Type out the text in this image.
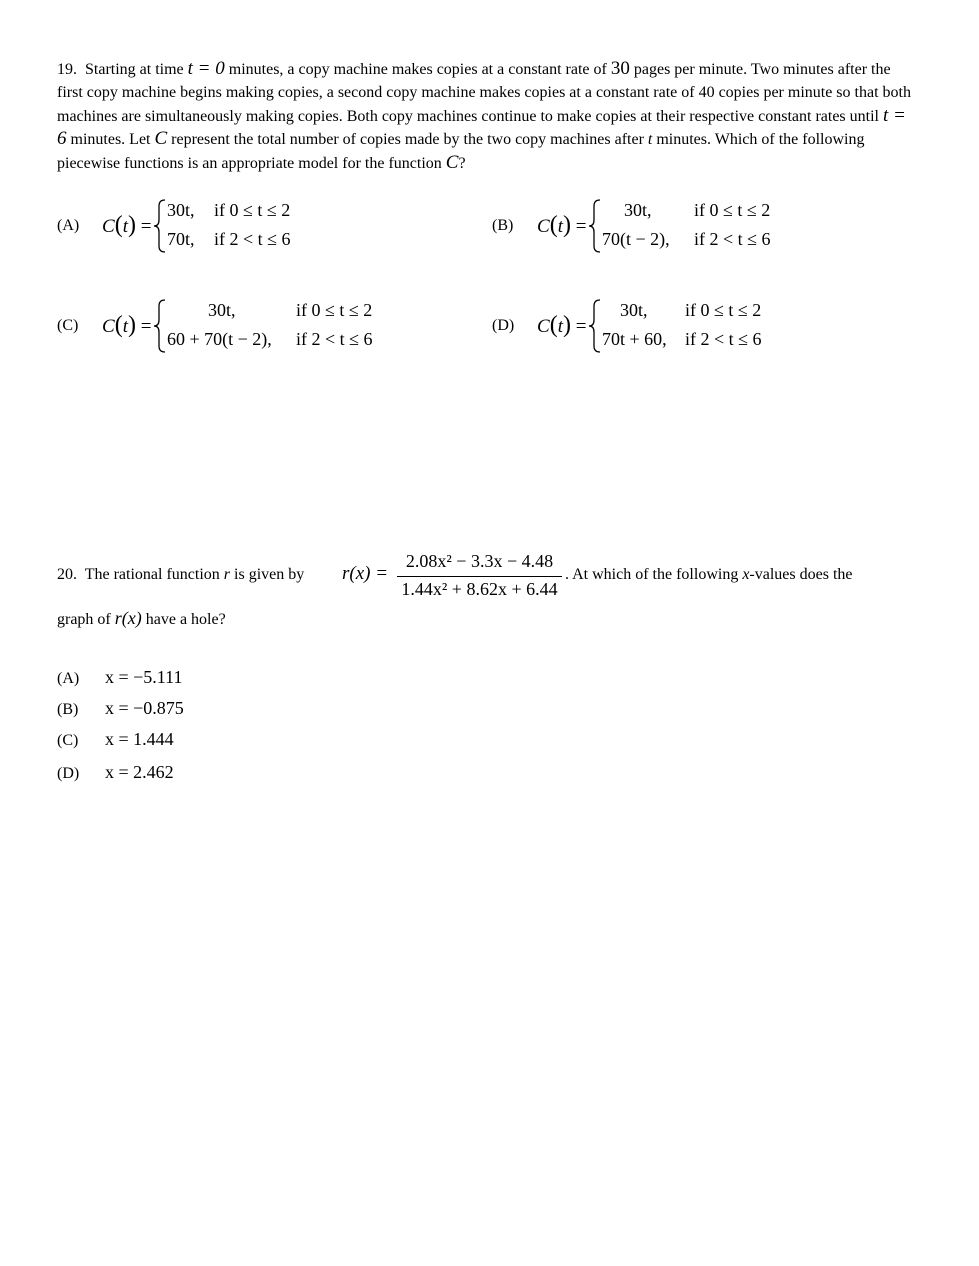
19. Starting at time t = 0 minutes, a copy machine makes copies at a constant rate of 30 pages per minute. Two minutes after the first copy machine begins making copies, a second copy machine makes copies at a constant rate of 40 copies per minute so that both machines are simultaneously making copies. Both copy machines continue to make copies at their respective constant rates until t = 6 minutes. Let C represent the total number of copies made by the two copy machines after t minutes. Which of the following piecewise functions is an appropriate model for the function C?
(A) C(t) =
30t, if 0 ≤ t ≤ 2
70t, if 2 < t ≤ 6
(B) C(t) =
30t, if 0 ≤ t ≤ 2
70(t − 2), if 2 < t ≤ 6
(C) C(t) =
30t,	if 0 ≤ t ≤ 2
60 + 70(t − 2), if 2 < t ≤ 6
(D) C(t) =
30t, if 0 ≤ t ≤ 2
70t + 60, if 2 < t ≤ 6
20. The rational function r is given by r(x) =
2.08x² − 3.3x − 4.48
1.44x² + 8.62x + 6.44
. At which of the following x-values does the
graph of r(x) have a hole?
(A) x = −5.111
(B) x = −0.875
(C) x = 1.444
(D) x = 2.462
